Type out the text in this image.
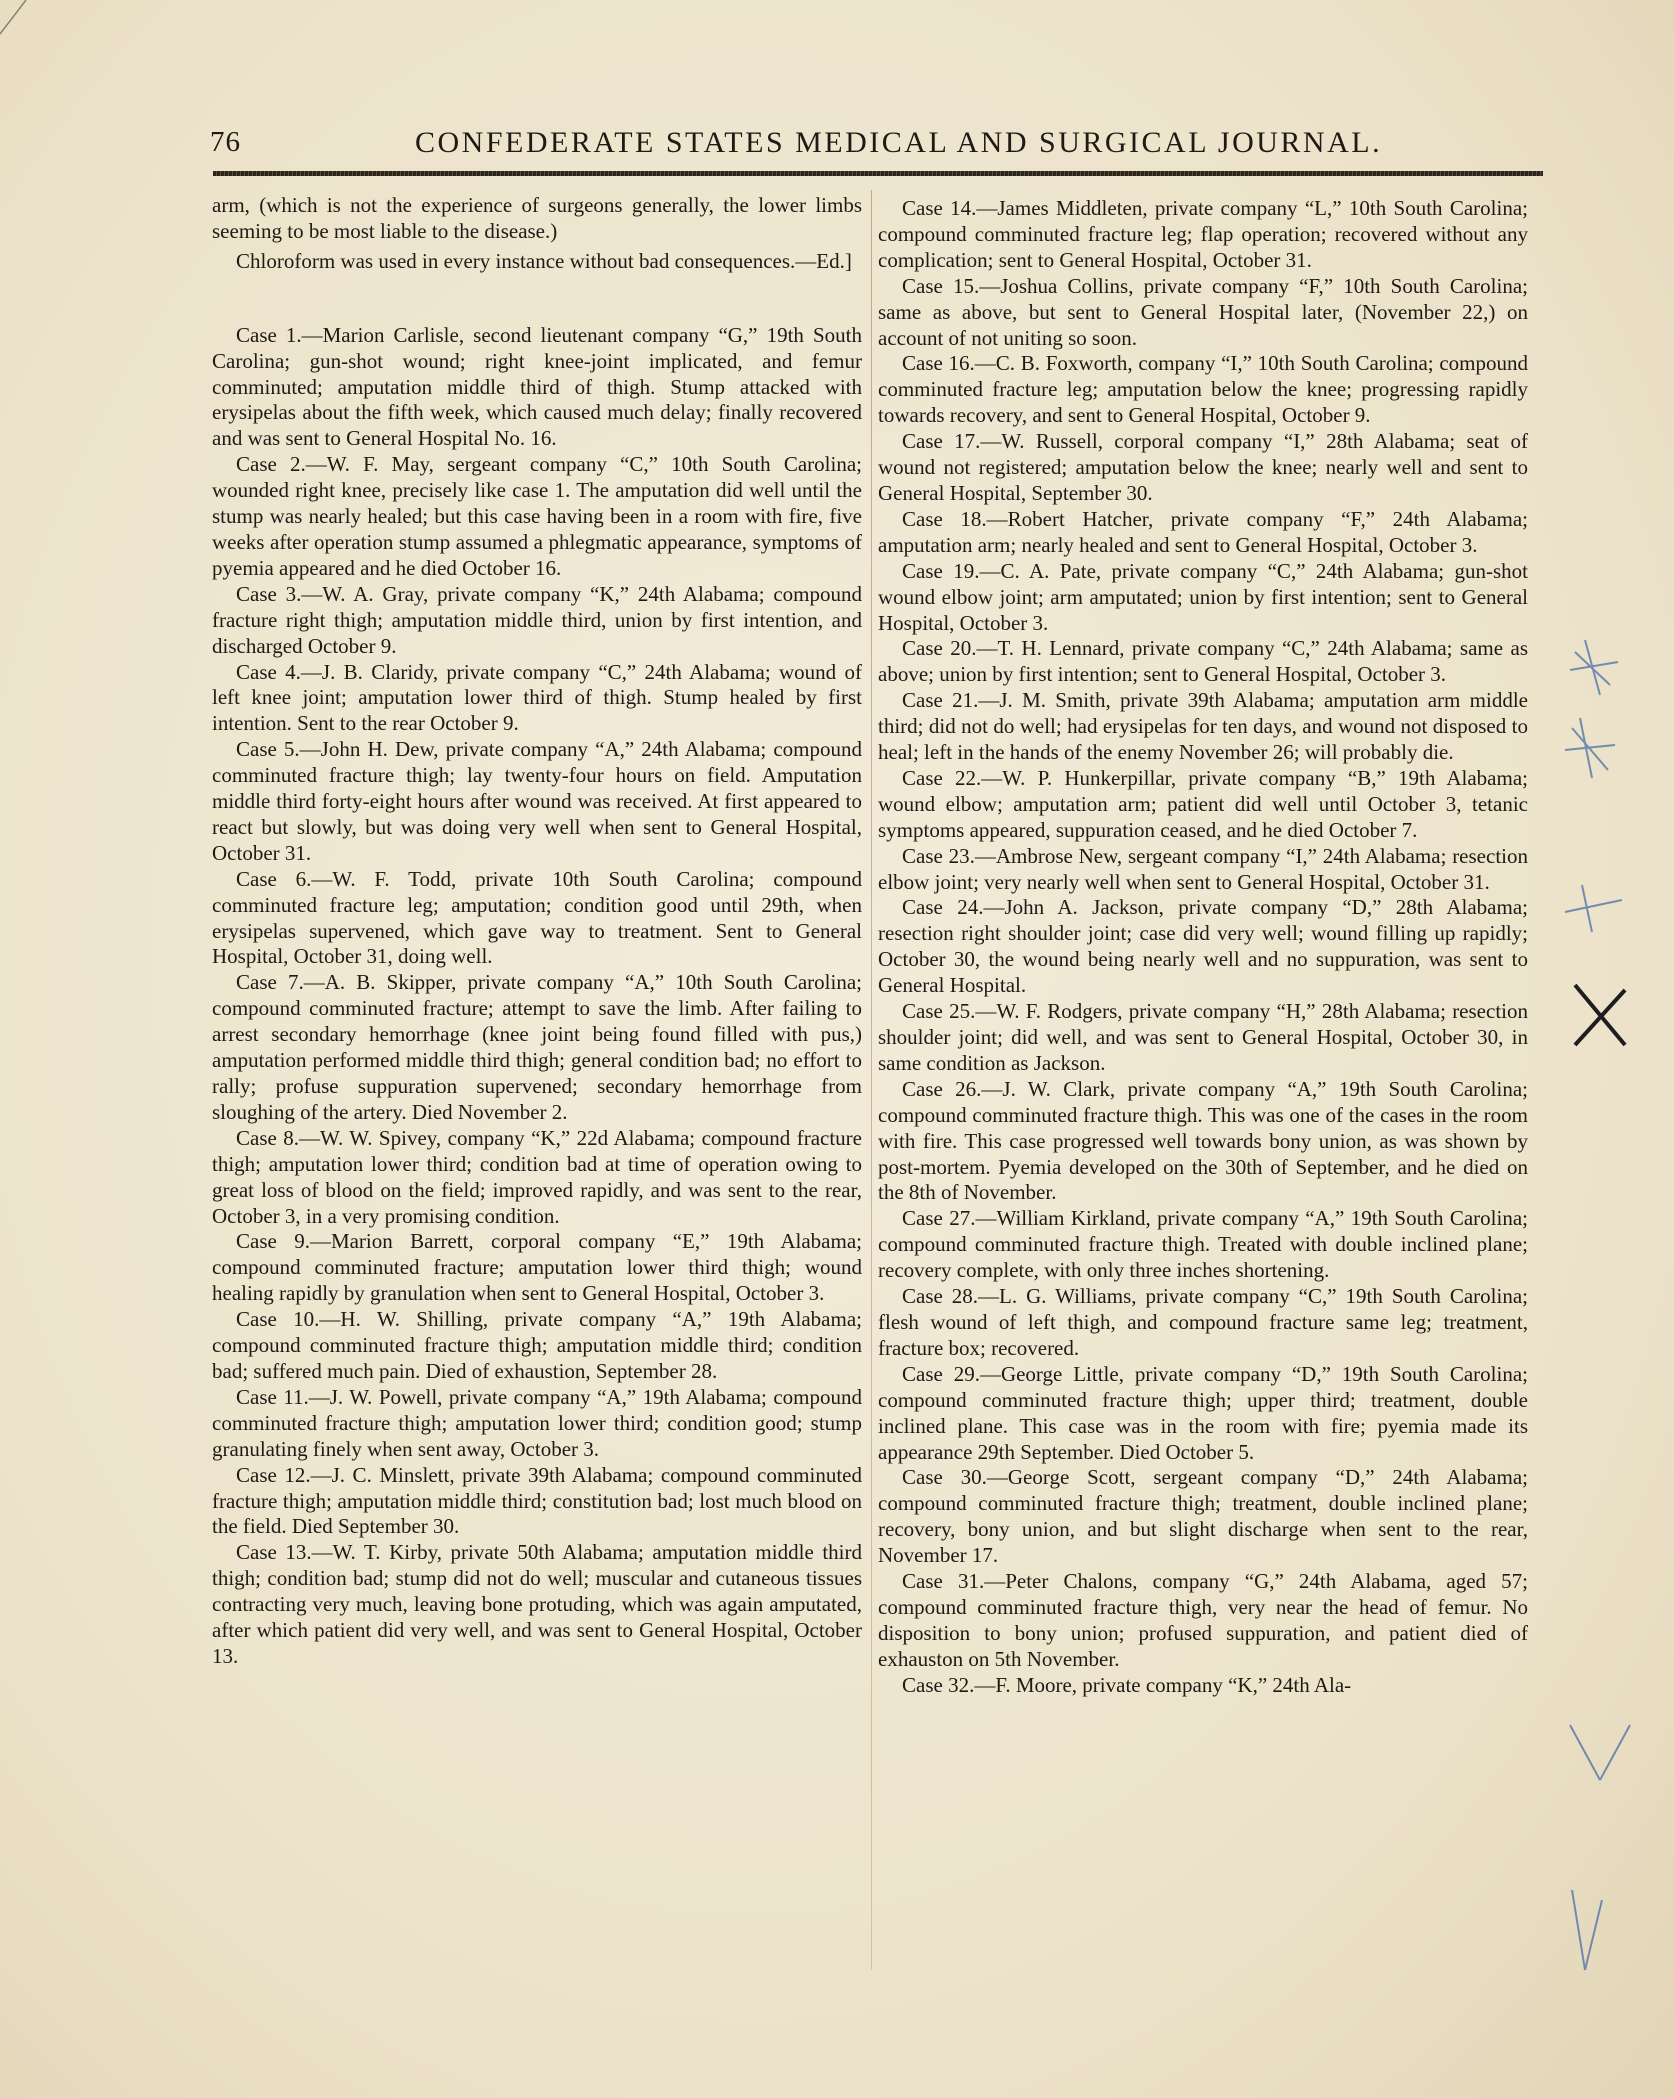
76	CONFEDERATE STATES MEDICAL AND SURGICAL JOURNAL.

arm, (which is not the experience of surgeons generally, the lower limbs seeming to be most liable to the disease.)

Chloroform was used in every instance without bad consequences.—Ed.]

Case 1.—Marion Carlisle, second lieutenant company “G,” 19th South Carolina; gun-shot wound; right knee-joint implicated, and femur comminuted; amputation middle third of thigh. Stump attacked with erysipelas about the fifth week, which caused much delay; finally recovered and was sent to General Hospital No. 16.

Case 2.—W. F. May, sergeant company “C,” 10th South Carolina; wounded right knee, precisely like case 1. The amputation did well until the stump was nearly healed; but this case having been in a room with fire, five weeks after operation stump assumed a phlegmatic appearance, symptoms of pyemia appeared and he died October 16.

Case 3.—W. A. Gray, private company “K,” 24th Alabama; compound fracture right thigh; amputation middle third, union by first intention, and discharged October 9.

Case 4.—J. B. Claridy, private company “C,” 24th Alabama; wound of left knee joint; amputation lower third of thigh. Stump healed by first intention. Sent to the rear October 9.

Case 5.—John H. Dew, private company “A,” 24th Alabama; compound comminuted fracture thigh; lay twenty-four hours on field. Amputation middle third forty-eight hours after wound was received. At first appeared to react but slowly, but was doing very well when sent to General Hospital, October 31.

Case 6.—W. F. Todd, private 10th South Carolina; compound comminuted fracture leg; amputation; condition good until 29th, when erysipelas supervened, which gave way to treatment. Sent to General Hospital, October 31, doing well.

Case 7.—A. B. Skipper, private company “A,” 10th South Carolina; compound comminuted fracture; attempt to save the limb. After failing to arrest secondary hemorrhage (knee joint being found filled with pus,) amputation performed middle third thigh; general condition bad; no effort to rally; profuse suppuration supervened; secondary hemorrhage from sloughing of the artery. Died November 2.

Case 8.—W. W. Spivey, company “K,” 22d Alabama; compound fracture thigh; amputation lower third; condition bad at time of operation owing to great loss of blood on the field; improved rapidly, and was sent to the rear, October 3, in a very promising condition.

Case 9.—Marion Barrett, corporal company “E,” 19th Alabama; compound comminuted fracture; amputation lower third thigh; wound healing rapidly by granulation when sent to General Hospital, October 3.

Case 10.—H. W. Shilling, private company “A,” 19th Alabama; compound comminuted fracture thigh; amputation middle third; condition bad; suffered much pain. Died of exhaustion, September 28.

Case 11.—J. W. Powell, private company “A,” 19th Alabama; compound comminuted fracture thigh; amputation lower third; condition good; stump granulating finely when sent away, October 3.

Case 12.—J. C. Minslett, private 39th Alabama; compound comminuted fracture thigh; amputation middle third; constitution bad; lost much blood on the field. Died September 30.

Case 13.—W. T. Kirby, private 50th Alabama; amputation middle third thigh; condition bad; stump did not do well; muscular and cutaneous tissues contracting very much, leaving bone protuding, which was again amputated, after which patient did very well, and was sent to General Hospital, October 13.

Case 14.—James Middleten, private company “L,” 10th South Carolina; compound comminuted fracture leg; flap operation; recovered without any complication; sent to General Hospital, October 31.

Case 15.—Joshua Collins, private company “F,” 10th South Carolina; same as above, but sent to General Hospital later, (November 22,) on account of not uniting so soon.

Case 16.—C. B. Foxworth, company “I,” 10th South Carolina; compound comminuted fracture leg; amputation below the knee; progressing rapidly towards recovery, and sent to General Hospital, October 9.

Case 17.—W. Russell, corporal company “I,” 28th Alabama; seat of wound not registered; amputation below the knee; nearly well and sent to General Hospital, September 30.

Case 18.—Robert Hatcher, private company “F,” 24th Alabama; amputation arm; nearly healed and sent to General Hospital, October 3.

Case 19.—C. A. Pate, private company “C,” 24th Alabama; gun-shot wound elbow joint; arm amputated; union by first intention; sent to General Hospital, October 3.

Case 20.—T. H. Lennard, private company “C,” 24th Alabama; same as above; union by first intention; sent to General Hospital, October 3.

Case 21.—J. M. Smith, private 39th Alabama; amputation arm middle third; did not do well; had erysipelas for ten days, and wound not disposed to heal; left in the hands of the enemy November 26; will probably die.

Case 22.—W. P. Hunkerpillar, private company “B,” 19th Alabama; wound elbow; amputation arm; patient did well until October 3, tetanic symptoms appeared, suppuration ceased, and he died October 7.

Case 23.—Ambrose New, sergeant company “I,” 24th Alabama; resection elbow joint; very nearly well when sent to General Hospital, October 31.

Case 24.—John A. Jackson, private company “D,” 28th Alabama; resection right shoulder joint; case did very well; wound filling up rapidly; October 30, the wound being nearly well and no suppuration, was sent to General Hospital.

Case 25.—W. F. Rodgers, private company “H,” 28th Alabama; resection shoulder joint; did well, and was sent to General Hospital, October 30, in same condition as Jackson.

Case 26.—J. W. Clark, private company “A,” 19th South Carolina; compound comminuted fracture thigh. This was one of the cases in the room with fire. This case progressed well towards bony union, as was shown by post-mortem. Pyemia developed on the 30th of September, and he died on the 8th of November.

Case 27.—William Kirkland, private company “A,” 19th South Carolina; compound comminuted fracture thigh. Treated with double inclined plane; recovery complete, with only three inches shortening.

Case 28.—L. G. Williams, private company “C,” 19th South Carolina; flesh wound of left thigh, and compound fracture same leg; treatment, fracture box; recovered.

Case 29.—George Little, private company “D,” 19th South Carolina; compound comminuted fracture thigh; upper third; treatment, double inclined plane. This case was in the room with fire; pyemia made its appearance 29th September. Died October 5.

Case 30.—George Scott, sergeant company “D,” 24th Alabama; compound comminuted fracture thigh; treatment, double inclined plane; recovery, bony union, and but slight discharge when sent to the rear, November 17.

Case 31.—Peter Chalons, company “G,” 24th Alabama, aged 57; compound comminuted fracture thigh, very near the head of femur. No disposition to bony union; profused suppuration, and patient died of exhauston on 5th November.

Case 32.—F. Moore, private company “K,” 24th Ala-
